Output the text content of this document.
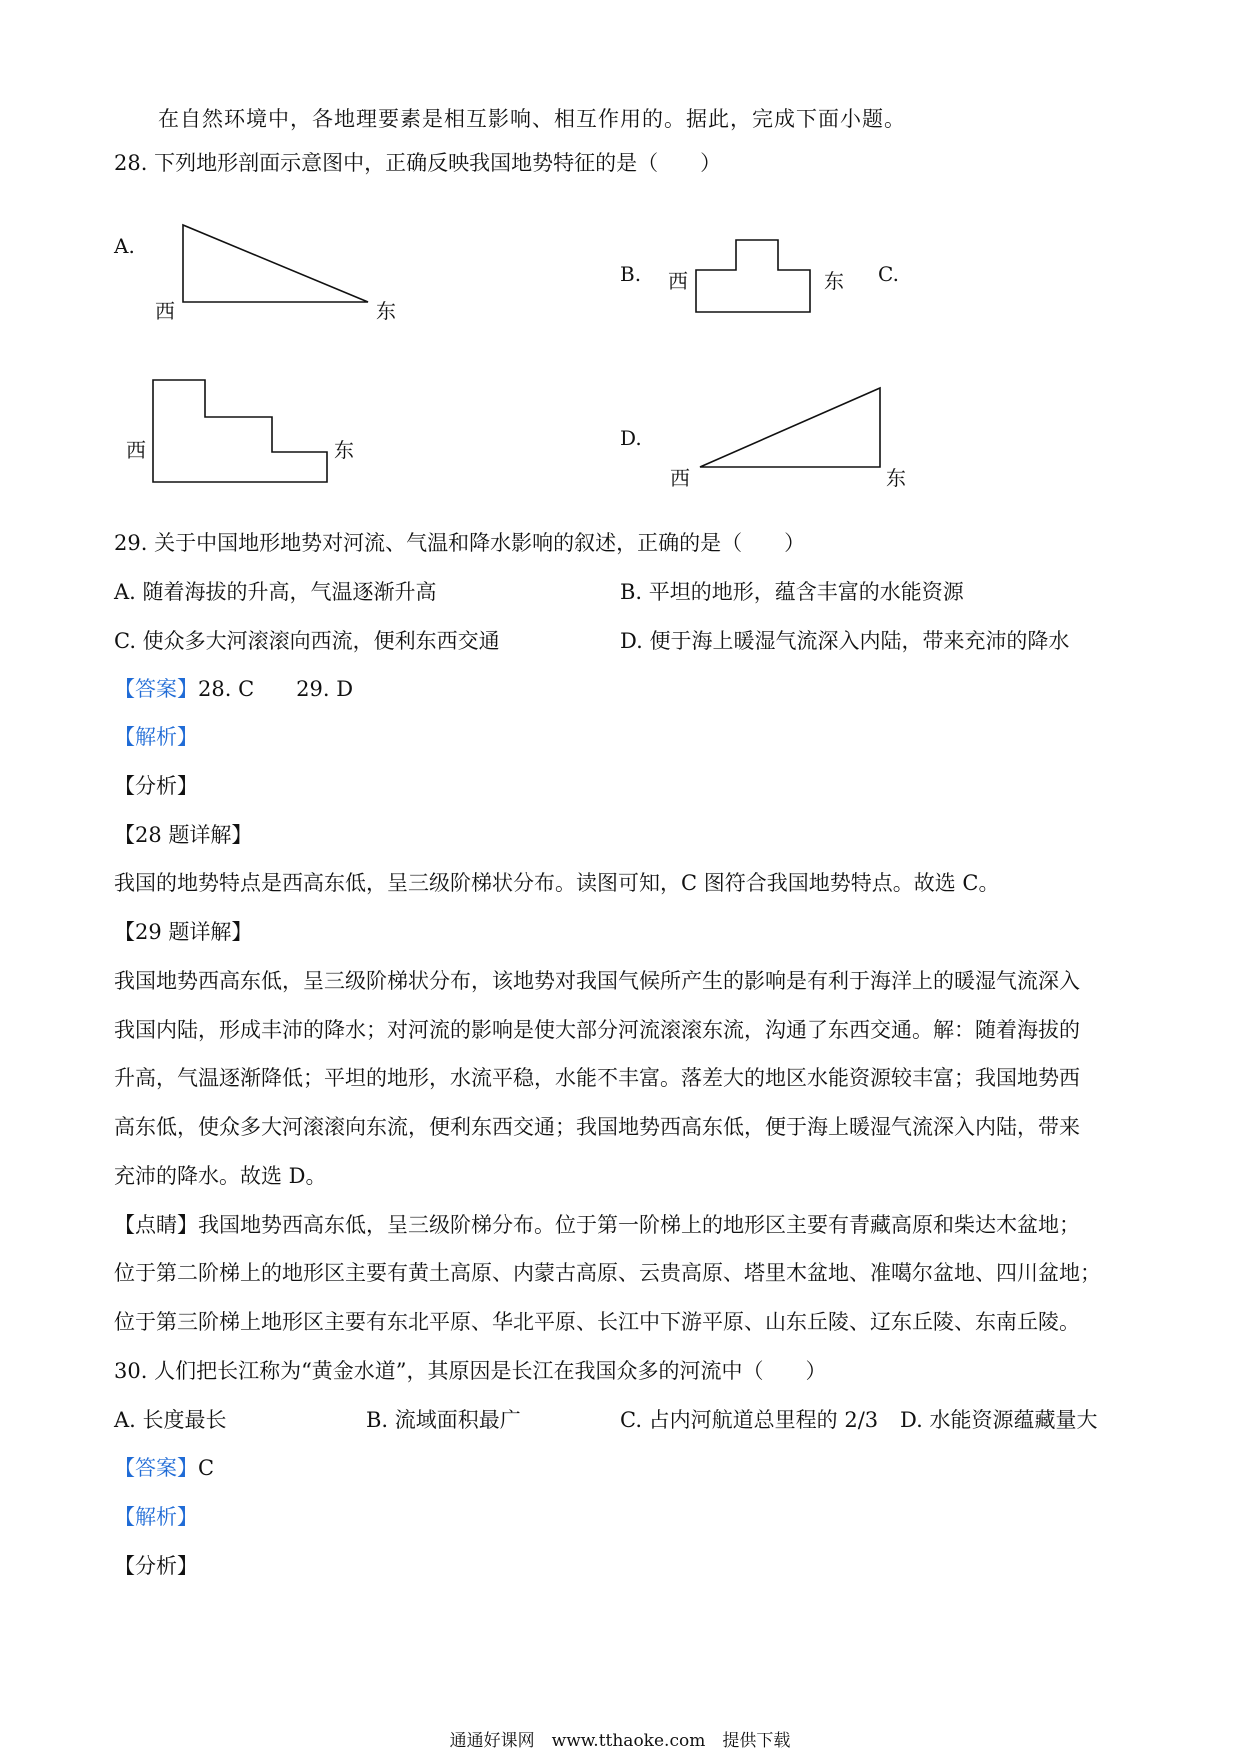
在自然环境中，各地理要素是相互影响、相互作用的。据此，完成下面小题。
28. 下列地形剖面示意图中，正确反映我国地势特征的是（　　）
A.
西	东
B. 西	东 C.
西	东	D.
西	东
29. 关于中国地形地势对河流、气温和降水影响的叙述，正确的是（　　）
A. 随着海拔的升高，气温逐渐升高	B. 平坦的地形，蕴含丰富的水能资源
C. 使众多大河滚滚向西流，便利东西交通	D. 便于海上暖湿气流深入内陆，带来充沛的降水
【答案】28. C　　29. D
【解析】
【分析】
【28 题详解】
我国的地势特点是西高东低，呈三级阶梯状分布。读图可知，C 图符合我国地势特点。故选 C。
【29 题详解】
我国地势西高东低，呈三级阶梯状分布，该地势对我国气候所产生的影响是有利于海洋上的暖湿气流深入
我国内陆，形成丰沛的降水；对河流的影响是使大部分河流滚滚东流，沟通了东西交通。解：随着海拔的
升高，气温逐渐降低；平坦的地形，水流平稳，水能不丰富。落差大的地区水能资源较丰富；我国地势西
高东低，使众多大河滚滚向东流，便利东西交通；我国地势西高东低，便于海上暖湿气流深入内陆，带来
充沛的降水。故选 D。
【点睛】我国地势西高东低，呈三级阶梯分布。位于第一阶梯上的地形区主要有青藏高原和柴达木盆地；
位于第二阶梯上的地形区主要有黄土高原、内蒙古高原、云贵高原、塔里木盆地、准噶尔盆地、四川盆地；
位于第三阶梯上地形区主要有东北平原、华北平原、长江中下游平原、山东丘陵、辽东丘陵、东南丘陵。
30. 人们把长江称为“黄金水道”，其原因是长江在我国众多的河流中（　　）
A. 长度最长	B. 流域面积最广	C. 占内河航道总里程的 2/3 D. 水能资源蕴藏量大
【答案】C
【解析】
【分析】
通通好课网　www.tthaoke.com　提供下载
